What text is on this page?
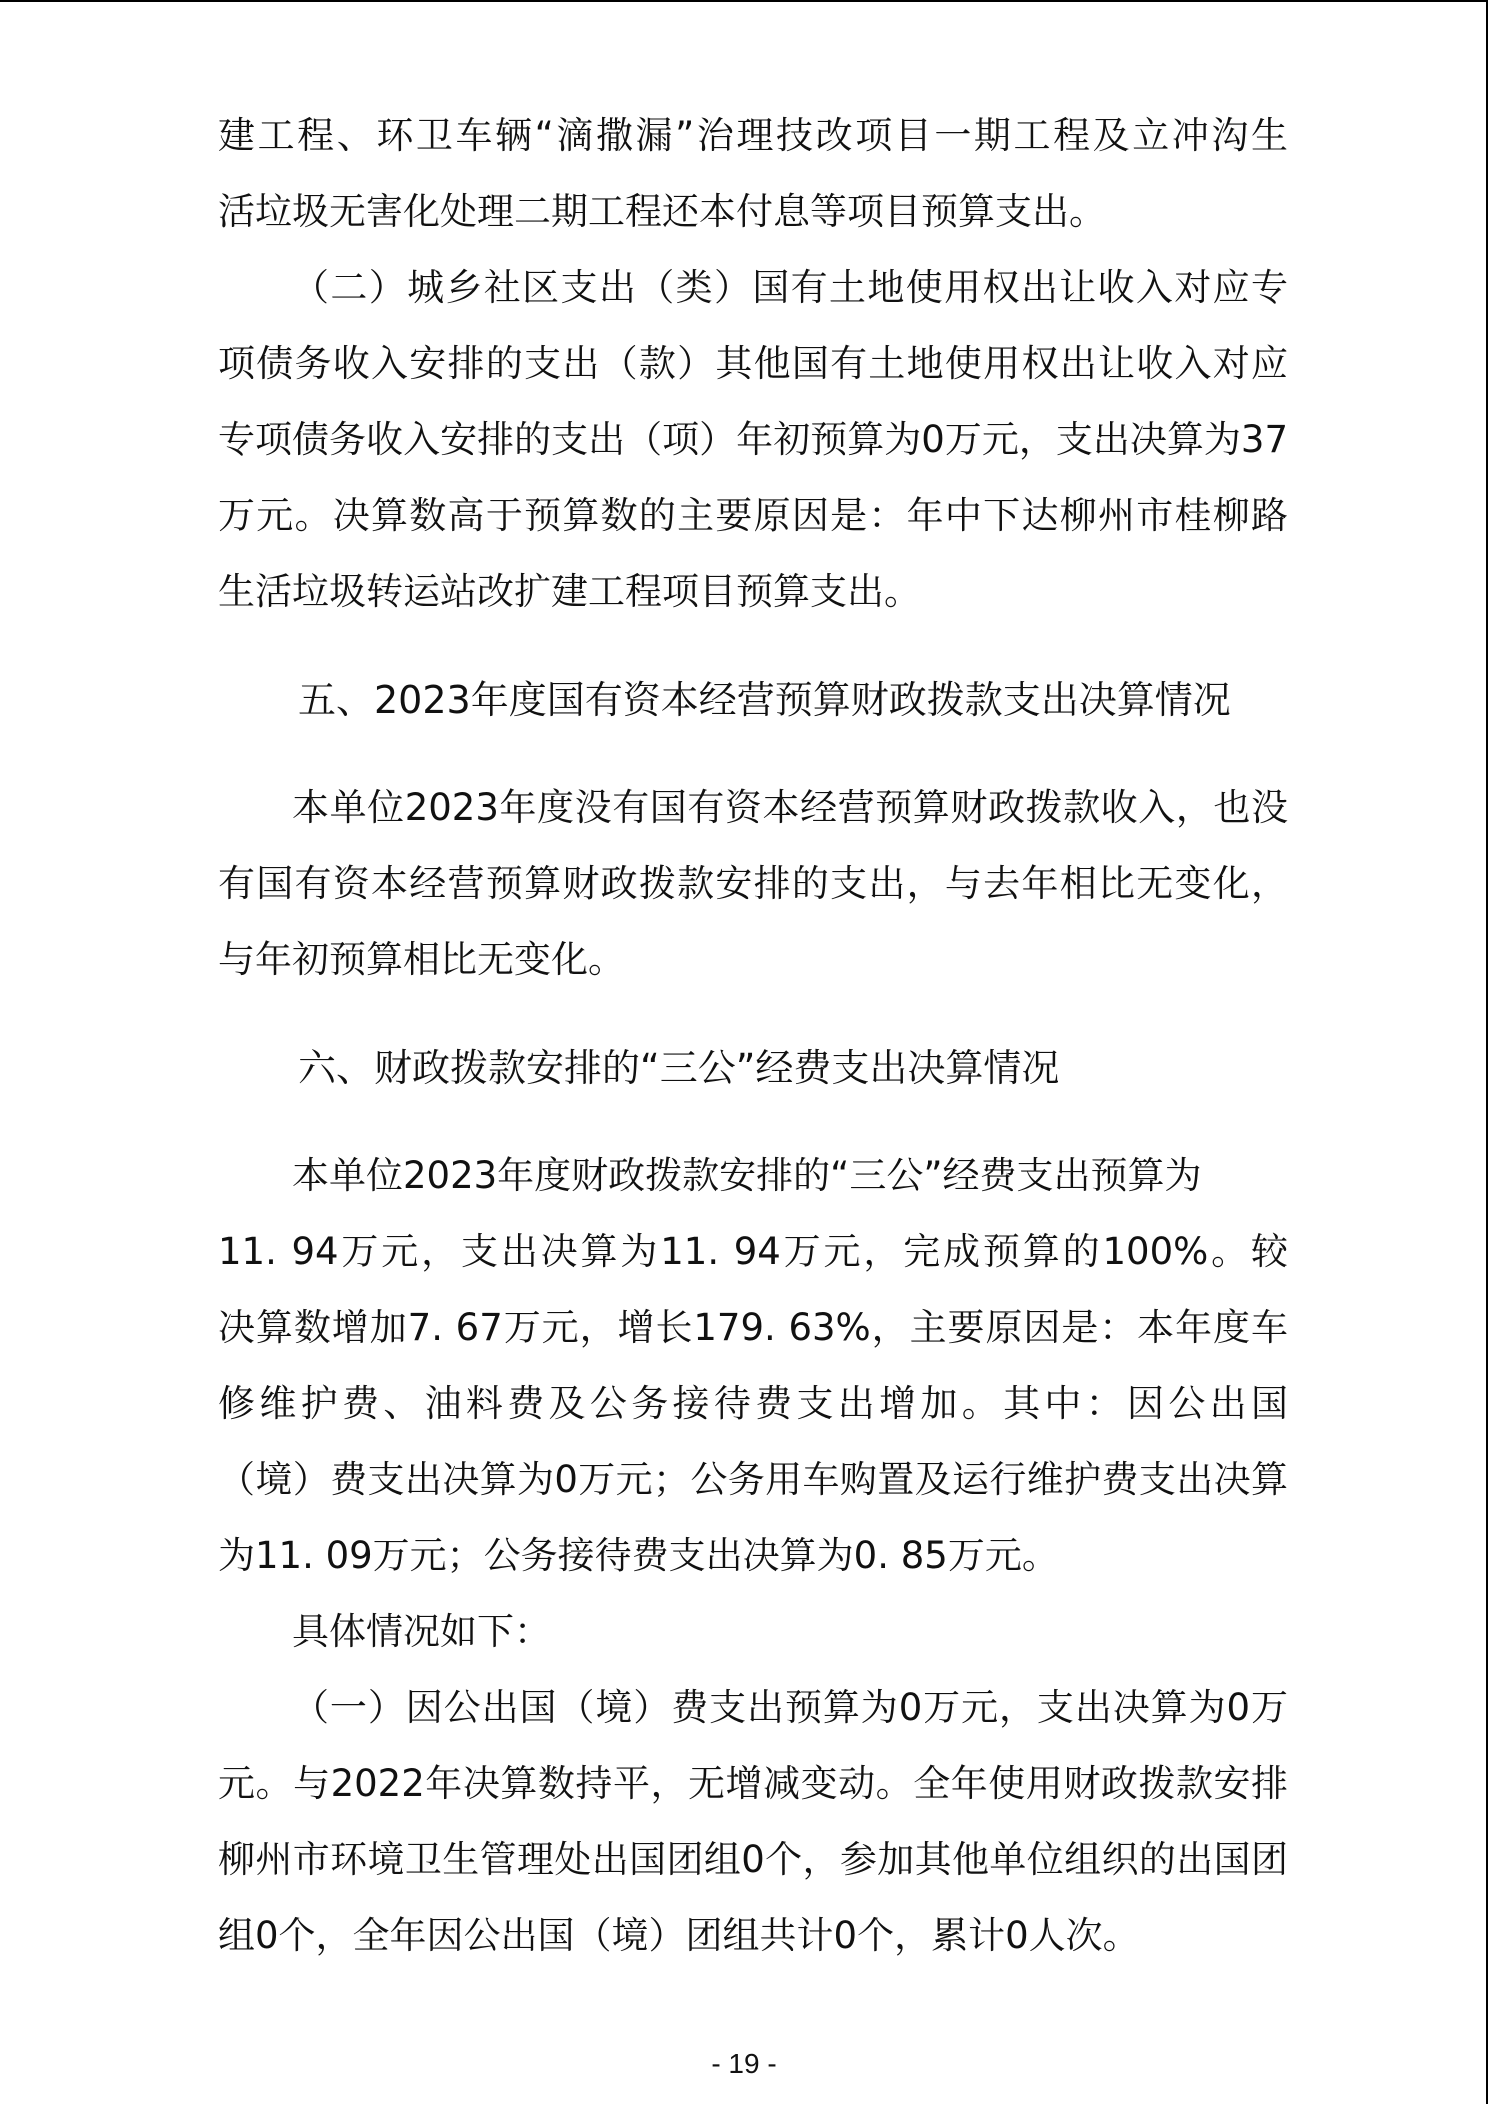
建工程、环卫车辆“滴撒漏”治理技改项目一期工程及立冲沟生
活垃圾无害化处理二期工程还本付息等项目预算支出。
（二）城乡社区支出（类）国有土地使用权出让收入对应专
项债务收入安排的支出（款）其他国有土地使用权出让收入对应
专项债务收入安排的支出（项）年初预算为0万元，支出决算为37
万元。决算数高于预算数的主要原因是：年中下达柳州市桂柳路
生活垃圾转运站改扩建工程项目预算支出。
五、2023年度国有资本经营预算财政拨款支出决算情况
本单位2023年度没有国有资本经营预算财政拨款收入，也没
有国有资本经营预算财政拨款安排的支出，与去年相比无变化，
与年初预算相比无变化。
六、财政拨款安排的“三公”经费支出决算情况
本单位2023年度财政拨款安排的“三公”经费支出预算为
11. 94万元，支出决算为11. 94万元，完成预算的100%。较
决算数增加7. 67万元，增长179. 63%，主要原因是：本年度车
修维护费、油料费及公务接待费支出增加。其中：因公出国
（境）费支出决算为0万元；公务用车购置及运行维护费支出决算
为11. 09万元；公务接待费支出决算为0. 85万元。
具体情况如下：
（一）因公出国（境）费支出预算为0万元，支出决算为0万
元。与2022年决算数持平，无增减变动。全年使用财政拨款安排
柳州市环境卫生管理处出国团组0个，参加其他单位组织的出国团
组0个，全年因公出国（境）团组共计0个，累计0人次。
- 19 -
